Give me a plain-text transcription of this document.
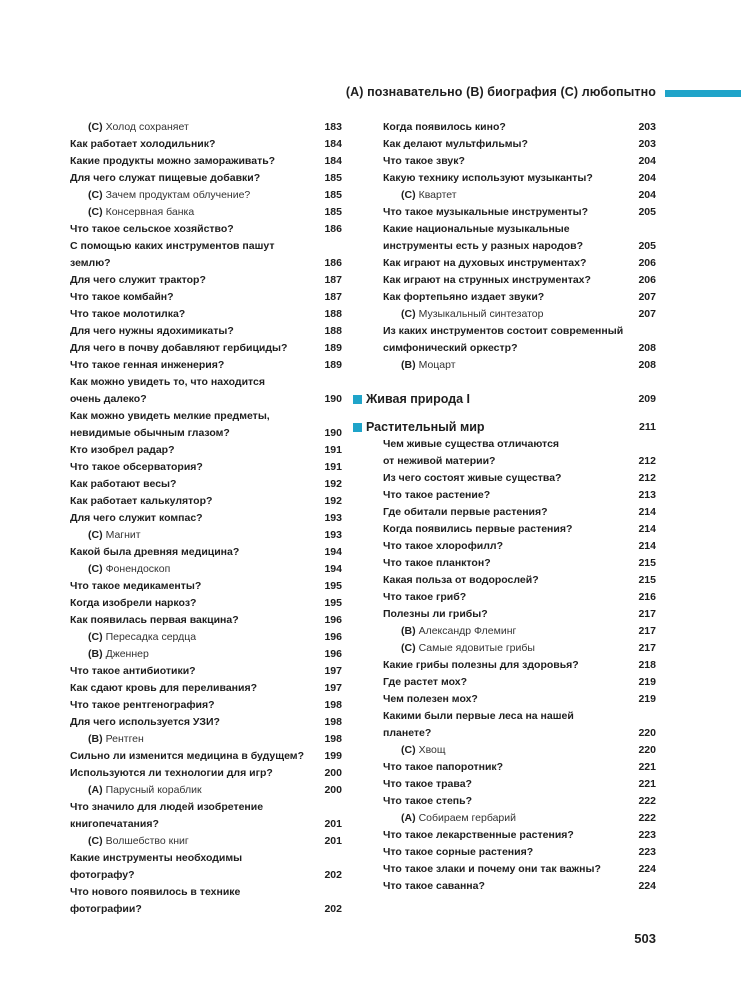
(А) познавательно (В) биография (С) любопытно
(С) Холод сохраняет	183
Как работает холодильник?	184
Какие продукты можно замораживать?	184
Для чего служат пищевые добавки?	185
(С) Зачем продуктам облучение?	185
(С) Консервная банка	185
Что такое сельское хозяйство?	186
С помощью каких инструментов пашут
землю?	186
Для чего служит трактор?	187
Что такое комбайн?	187
Что такое молотилка?	188
Для чего нужны ядохимикаты?	188
Для чего в почву добавляют гербициды?	189
Что такое генная инженерия?	189
Как можно увидеть то, что находится
очень далеко?	190
Как можно увидеть мелкие предметы,
невидимые обычным глазом?	190
Кто изобрел радар?	191
Что такое обсерватория?	191
Как работают весы?	192
Как работает калькулятор?	192
Для чего служит компас?	193
(С) Магнит	193
Какой была древняя медицина?	194
(С) Фонендоскоп	194
Что такое медикаменты?	195
Когда изобрели наркоз?	195
Как появилась первая вакцина?	196
(С) Пересадка сердца	196
(В) Дженнер	196
Что такое антибиотики?	197
Как сдают кровь для переливания?	197
Что такое рентгенография?	198
Для чего используется УЗИ?	198
(В) Рентген	198
Сильно ли изменится медицина в будущем? 199
Используются ли технологии для игр?	200
(А) Парусный кораблик	200
Что значило для людей изобретение
книгопечатания?	201
(С) Волшебство книг	201
Какие инструменты необходимы
фотографу?	202
Что нового появилось в технике
фотографии?	202
Когда появилось кино?	203
Как делают мультфильмы?	203
Что такое звук?	204
Какую технику используют музыканты?	204
(С) Квартет	204
Что такое музыкальные инструменты?	205
Какие национальные музыкальные
инструменты есть у разных народов?	205
Как играют на духовых инструментах?	206
Как играют на струнных инструментах?	206
Как фортепьяно издает звуки?	207
(С) Музыкальный синтезатор	207
Из каких инструментов состоит современный
симфонический оркестр?	208
(В) Моцарт	208
Живая природа I	209
Растительный мир	211
Чем живые существа отличаются
от неживой материи?	212
Из чего состоят живые существа?	212
Что такое растение?	213
Где обитали первые растения?	214
Когда появились первые растения?	214
Что такое хлорофилл?	214
Что такое планктон?	215
Какая польза от водорослей?	215
Что такое гриб?	216
Полезны ли грибы?	217
(В) Александр Флеминг	217
(С) Самые ядовитые грибы	217
Какие грибы полезны для здоровья?	218
Где растет мох?	219
Чем полезен мох?	219
Какими были первые леса на нашей
планете?	220
(С) Хвощ	220
Что такое папоротник?	221
Что такое трава?	221
Что такое степь?	222
(А) Собираем гербарий	222
Что такое лекарственные растения?	223
Что такое сорные растения?	223
Что такое злаки и почему они так важны?	224
Что такое саванна?	224
503
